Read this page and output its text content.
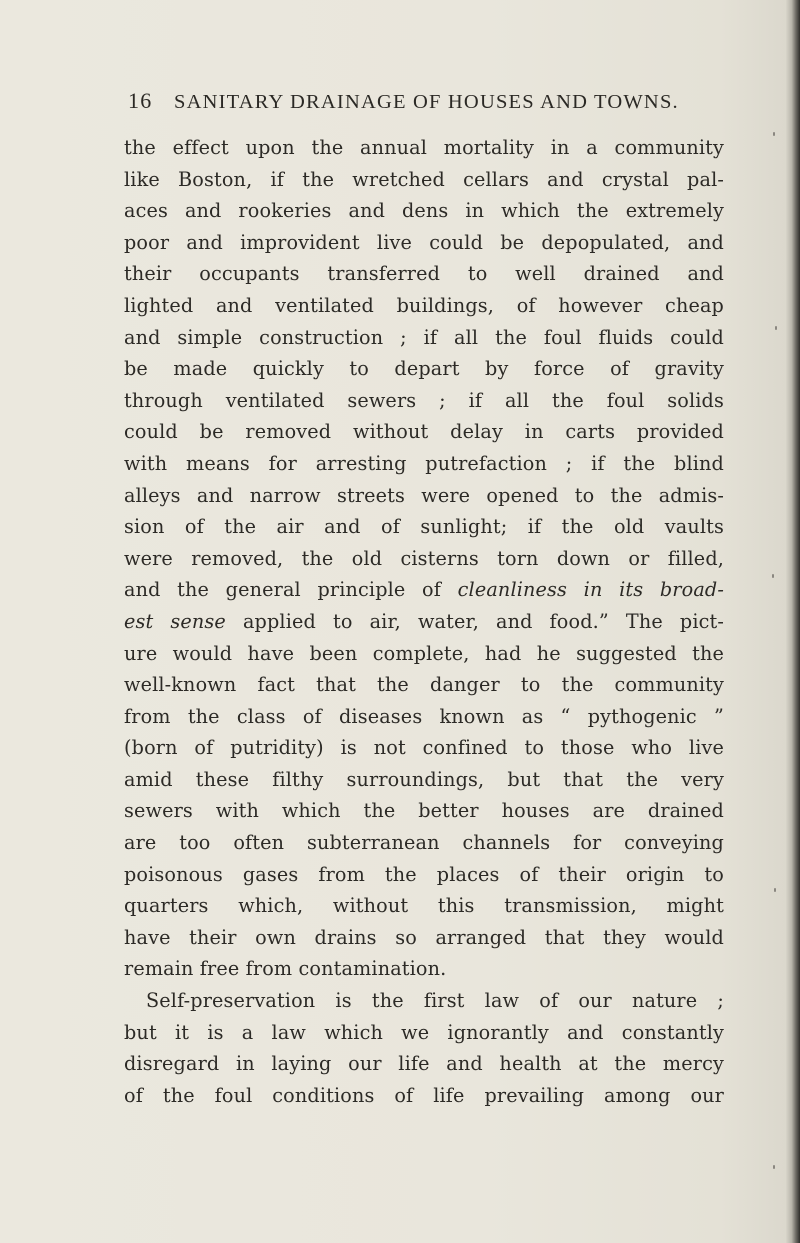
16	SANITARY DRAINAGE OF HOUSES AND TOWNS.
the effect upon the annual mortality in a community
like Boston, if the wretched cellars and crystal pal-
aces and rookeries and dens in which the extremely
poor and improvident live could be depopulated, and
their occupants transferred to well drained and
lighted and ventilated buildings, of however cheap
and simple construction ; if all the foul fluids could
be made quickly to depart by force of gravity
through ventilated sewers ; if all the foul solids
could be removed without delay in carts provided
with means for arresting putrefaction ; if the blind
alleys and narrow streets were opened to the admis-
sion of the air and of sunlight; if the old vaults
were removed, the old cisterns torn down or filled,
and the general principle of cleanliness in its broad-
est sense applied to air, water, and food.” The pict-
ure would have been complete, had he suggested the
well-known fact that the danger to the community
from the class of diseases known as “ pythogenic ”
(born of putridity) is not confined to those who live
amid these filthy surroundings, but that the very
sewers with which the better houses are drained
are too often subterranean channels for conveying
poisonous gases from the places of their origin to
quarters which, without this transmission, might
have their own drains so arranged that they would
remain free from contamination.
Self-preservation is the first law of our nature ;
but it is a law which we ignorantly and constantly
disregard in laying our life and health at the mercy
of the foul conditions of life prevailing among our
